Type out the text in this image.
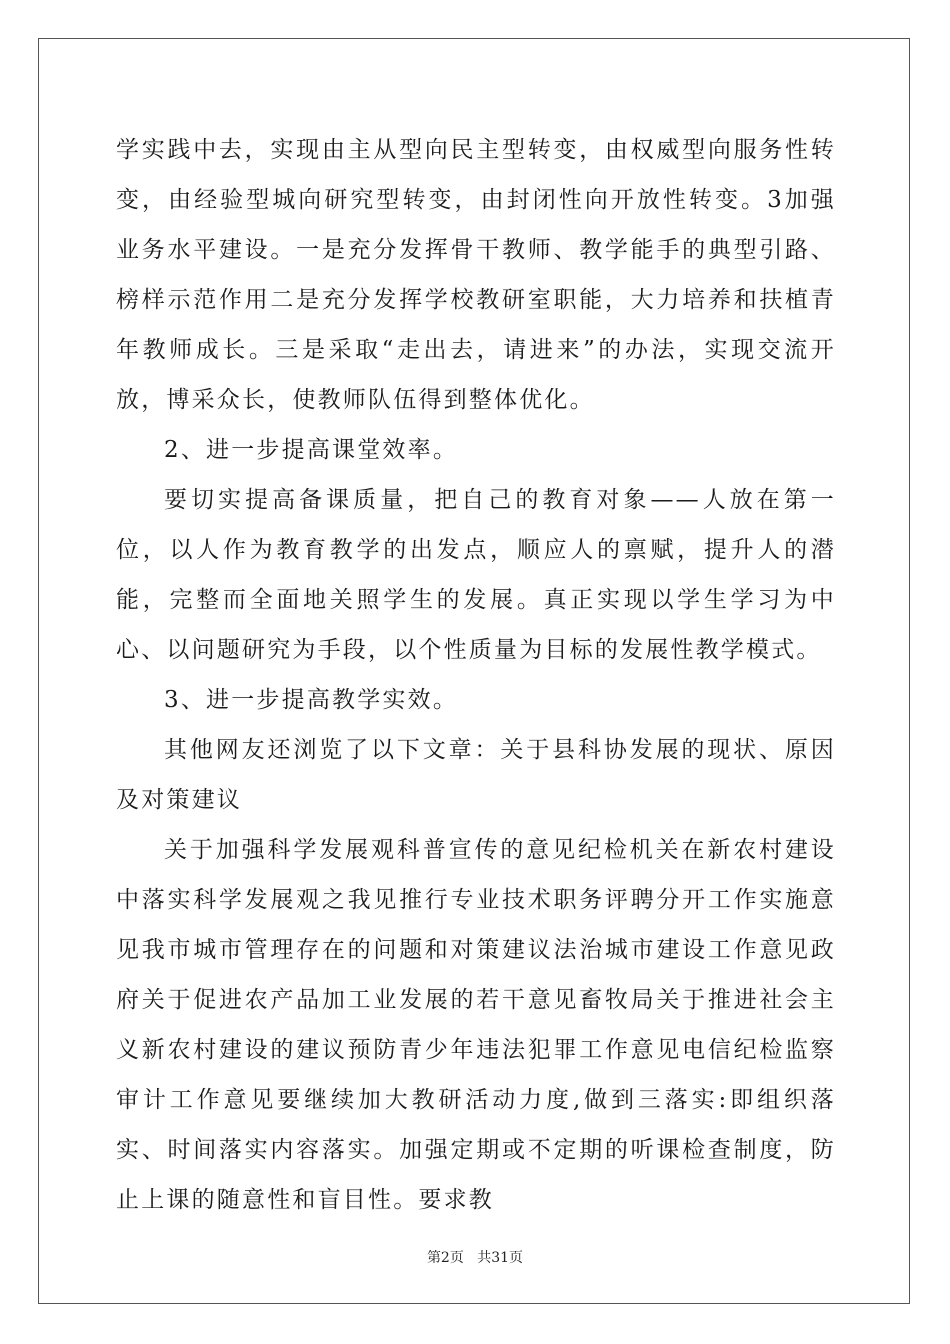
学实践中去，实现由主从型向民主型转变，由权威型向服务性转变，由经验型城向研究型转变，由封闭性向开放性转变。3加强业务水平建设。一是充分发挥骨干教师、教学能手的典型引路、榜样示范作用二是充分发挥学校教研室职能，大力培养和扶植青年教师成长。三是采取“走出去，请进来”的办法，实现交流开放，博采众长，使教师队伍得到整体优化。

2、进一步提高课堂效率。

要切实提高备课质量，把自己的教育对象——人放在第一位，以人作为教育教学的出发点，顺应人的禀赋，提升人的潜能，完整而全面地关照学生的发展。真正实现以学生学习为中心、以问题研究为手段，以个性质量为目标的发展性教学模式。

3、进一步提高教学实效。

其他网友还浏览了以下文章：关于县科协发展的现状、原因及对策建议

关于加强科学发展观科普宣传的意见纪检机关在新农村建设中落实科学发展观之我见推行专业技术职务评聘分开工作实施意见我市城市管理存在的问题和对策建议法治城市建设工作意见政府关于促进农产品加工业发展的若干意见畜牧局关于推进社会主义新农村建设的建议预防青少年违法犯罪工作意见电信纪检监察审计工作意见要继续加大教研活动力度,做到三落实:即组织落实、时间落实内容落实。加强定期或不定期的听课检查制度，防止上课的随意性和盲目性。要求教

第2页 共31页
